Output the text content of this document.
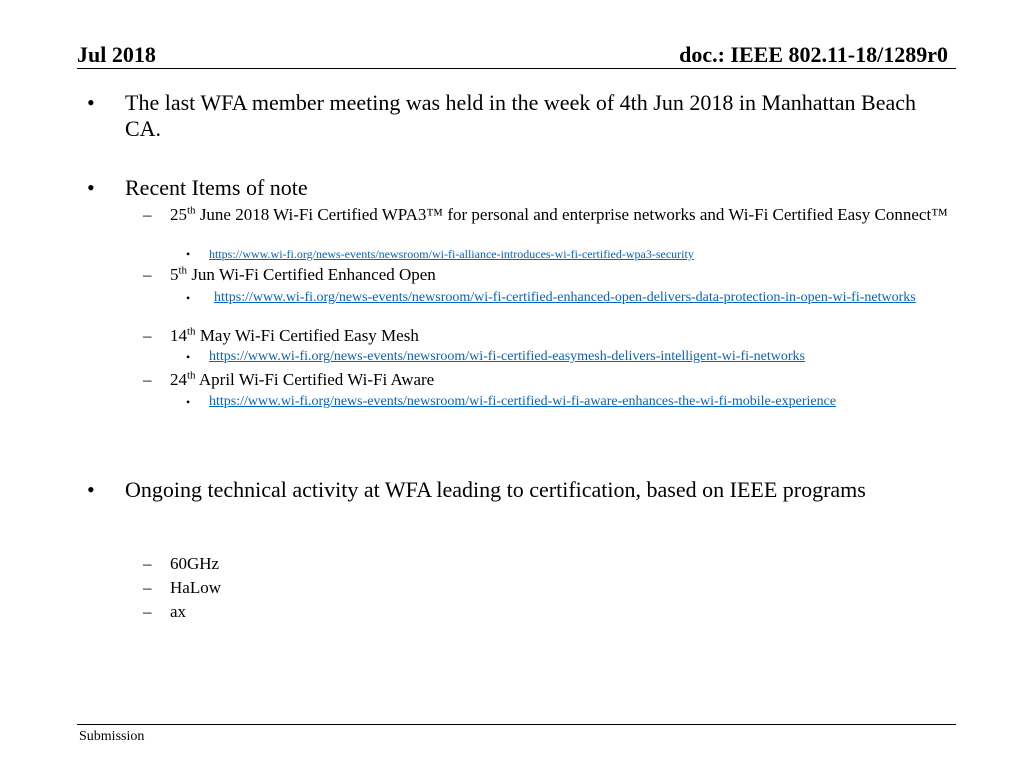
Jul 2018	doc.: IEEE 802.11-18/1289r0
• The last WFA member meeting was held in the week of 4th Jun 2018 in Manhattan Beach CA.
• Recent Items of note
– 25th June 2018 Wi-Fi Certified WPA3™ for personal and enterprise networks and Wi-Fi Certified Easy Connect™
• https://www.wi-fi.org/news-events/newsroom/wi-fi-alliance-introduces-wi-fi-certified-wpa3-security
– 5th Jun Wi-Fi Certified Enhanced Open
• https://www.wi-fi.org/news-events/newsroom/wi-fi-certified-enhanced-open-delivers-data-protection-in-open-wi-fi-networks
– 14th May Wi-Fi Certified Easy Mesh
• https://www.wi-fi.org/news-events/newsroom/wi-fi-certified-easymesh-delivers-intelligent-wi-fi-networks
– 24th April Wi-Fi Certified Wi-Fi Aware
• https://www.wi-fi.org/news-events/newsroom/wi-fi-certified-wi-fi-aware-enhances-the-wi-fi-mobile-experience
• Ongoing technical activity at WFA leading to certification, based on IEEE programs
– 60GHz
– HaLow
– ax
Submission
